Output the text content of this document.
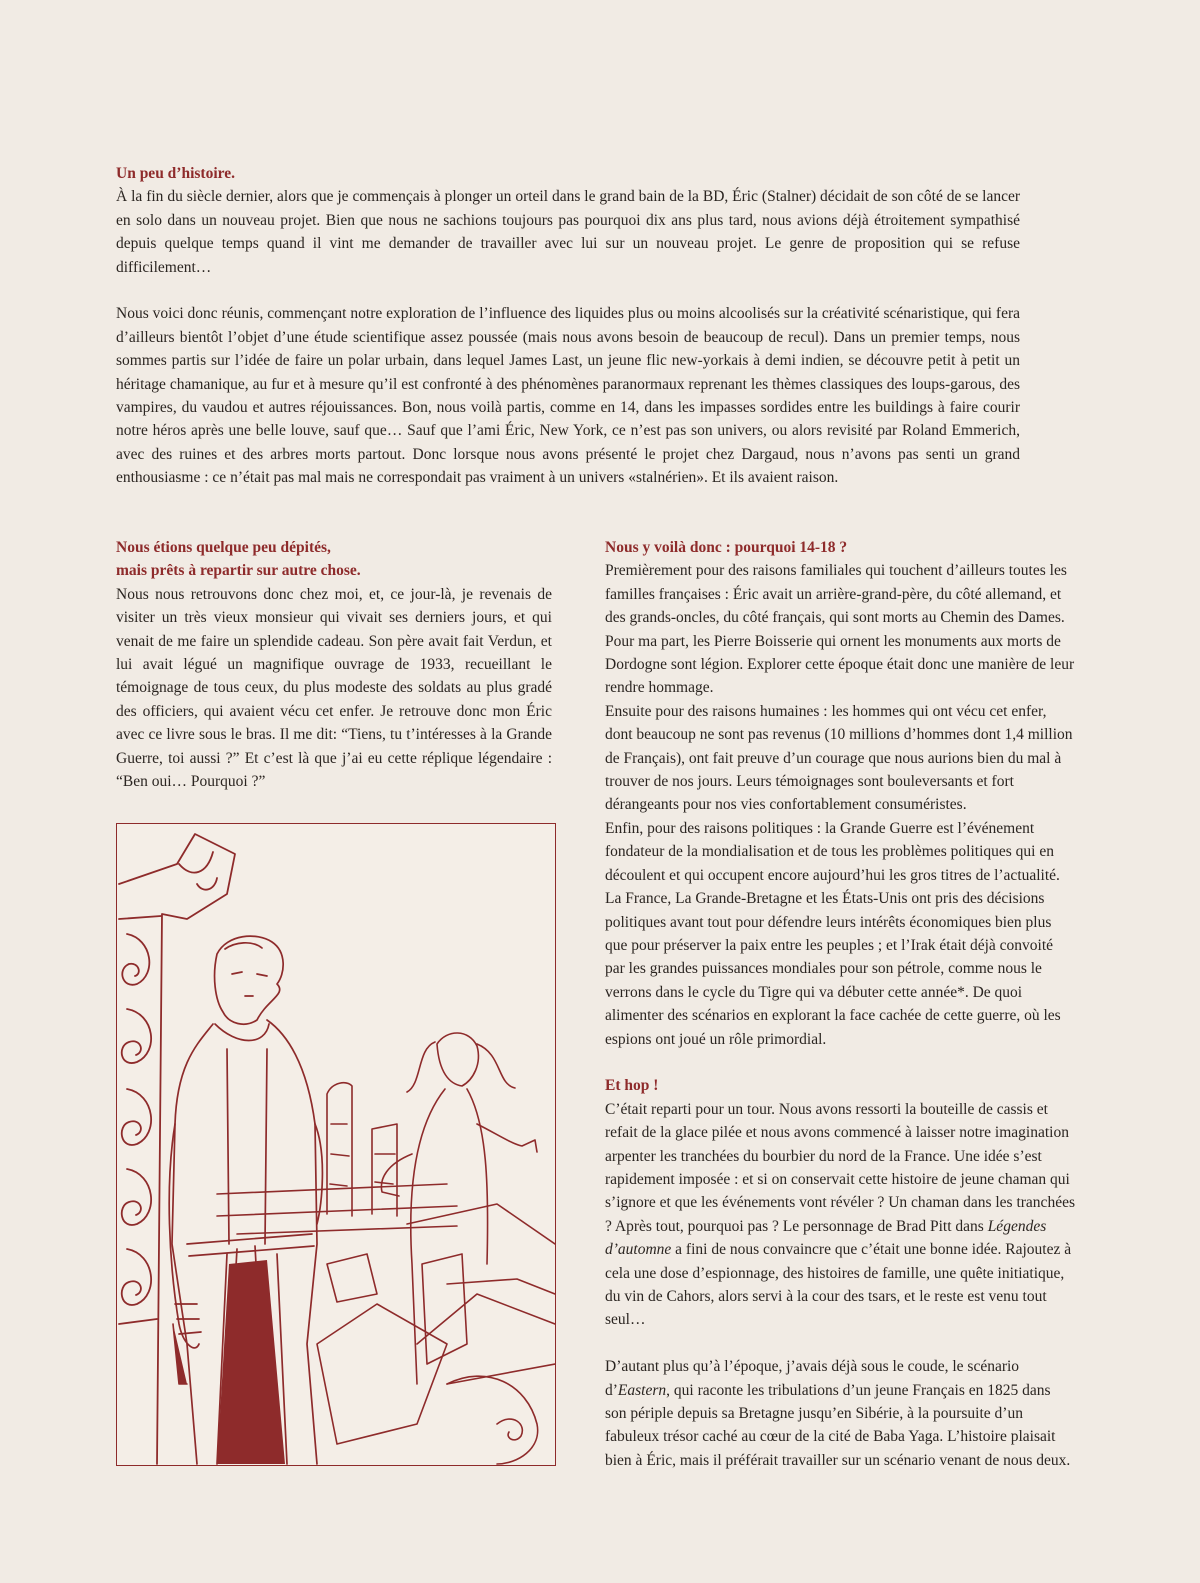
Un peu d’histoire.

À la fin du siècle dernier, alors que je commençais à plonger un orteil dans le grand bain de la BD, Éric (Stalner) décidait de son côté de se lancer en solo dans un nouveau projet. Bien que nous ne sachions toujours pas pourquoi dix ans plus tard, nous avions déjà étroitement sympathisé depuis quelque temps quand il vint me demander de travailler avec lui sur un nouveau projet. Le genre de proposition qui se refuse difficilement…

Nous voici donc réunis, commençant notre exploration de l’influence des liquides plus ou moins alcoolisés sur la créativité scénaristique, qui fera d’ailleurs bientôt l’objet d’une étude scientifique assez poussée (mais nous avons besoin de beaucoup de recul). Dans un premier temps, nous sommes partis sur l’idée de faire un polar urbain, dans lequel James Last, un jeune flic new-yorkais à demi indien, se découvre petit à petit un héritage chamanique, au fur et à mesure qu’il est confronté à des phénomènes paranormaux reprenant les thèmes classiques des loups-garous, des vampires, du vaudou et autres réjouissances. Bon, nous voilà partis, comme en 14, dans les impasses sordides entre les buildings à faire courir notre héros après une belle louve, sauf que… Sauf que l’ami Éric, New York, ce n’est pas son univers, ou alors revisité par Roland Emmerich, avec des ruines et des arbres morts partout. Donc lorsque nous avons présenté le projet chez Dargaud, nous n’avons pas senti un grand enthousiasme : ce n’était pas mal mais ne correspondait pas vraiment à un univers «stalnérien». Et ils avaient raison.

Nous étions quelque peu dépités,
mais prêts à repartir sur autre chose.

Nous nous retrouvons donc chez moi, et, ce jour-là, je revenais de visiter un très vieux monsieur qui vivait ses derniers jours, et qui venait de me faire un splendide cadeau. Son père avait fait Verdun, et lui avait légué un magnifique ouvrage de 1933, recueillant le témoignage de tous ceux, du plus modeste des soldats au plus gradé des officiers, qui avaient vécu cet enfer. Je retrouve donc mon Éric avec ce livre sous le bras. Il me dit: “Tiens, tu t’intéresses à la Grande Guerre, toi aussi ?” Et c’est là que j’ai eu cette réplique légendaire : “Ben oui… Pourquoi ?”

Nous y voilà donc : pourquoi 14-18 ?

Premièrement pour des raisons familiales qui touchent d’ailleurs toutes les familles françaises : Éric avait un arrière-grand-père, du côté allemand, et des grands-oncles, du côté français, qui sont morts au Chemin des Dames. Pour ma part, les Pierre Boisserie qui ornent les monuments aux morts de Dordogne sont légion. Explorer cette époque était donc une manière de leur rendre hommage.

Ensuite pour des raisons humaines : les hommes qui ont vécu cet enfer, dont beaucoup ne sont pas revenus (10 millions d’hommes dont 1,4 million de Français), ont fait preuve d’un courage que nous aurions bien du mal à trouver de nos jours. Leurs témoignages sont bouleversants et fort dérangeants pour nos vies confortablement consuméristes.

Enfin, pour des raisons politiques : la Grande Guerre est l’événement fondateur de la mondialisation et de tous les problèmes politiques qui en découlent et qui occupent encore aujourd’hui les gros titres de l’actualité. La France, La Grande-Bretagne et les États-Unis ont pris des décisions politiques avant tout pour défendre leurs intérêts économiques bien plus que pour préserver la paix entre les peuples ; et l’Irak était déjà convoité par les grandes puissances mondiales pour son pétrole, comme nous le verrons dans le cycle du Tigre qui va débuter cette année*. De quoi alimenter des scénarios en explorant la face cachée de cette guerre, où les espions ont joué un rôle primordial.

Et hop !

C’était reparti pour un tour. Nous avons ressorti la bouteille de cassis et refait de la glace pilée et nous avons commencé à laisser notre imagination arpenter les tranchées du bourbier du nord de la France. Une idée s’est rapidement imposée : et si on conservait cette histoire de jeune chaman qui s’ignore et que les événements vont révéler ? Un chaman dans les tranchées ? Après tout, pourquoi pas ? Le personnage de Brad Pitt dans Légendes d’automne a fini de nous convaincre que c’était une bonne idée. Rajoutez à cela une dose d’espionnage, des histoires de famille, une quête initiatique, du vin de Cahors, alors servi à la cour des tsars, et le reste est venu tout seul…

D’autant plus qu’à l’époque, j’avais déjà sous le coude, le scénario d’Eastern, qui raconte les tribulations d’un jeune Français en 1825 dans son périple depuis sa Bretagne jusqu’en Sibérie, à la poursuite d’un fabuleux trésor caché au cœur de la cité de Baba Yaga. L’histoire plaisait bien à Éric, mais il préférait travailler sur un scénario venant de nous deux.
